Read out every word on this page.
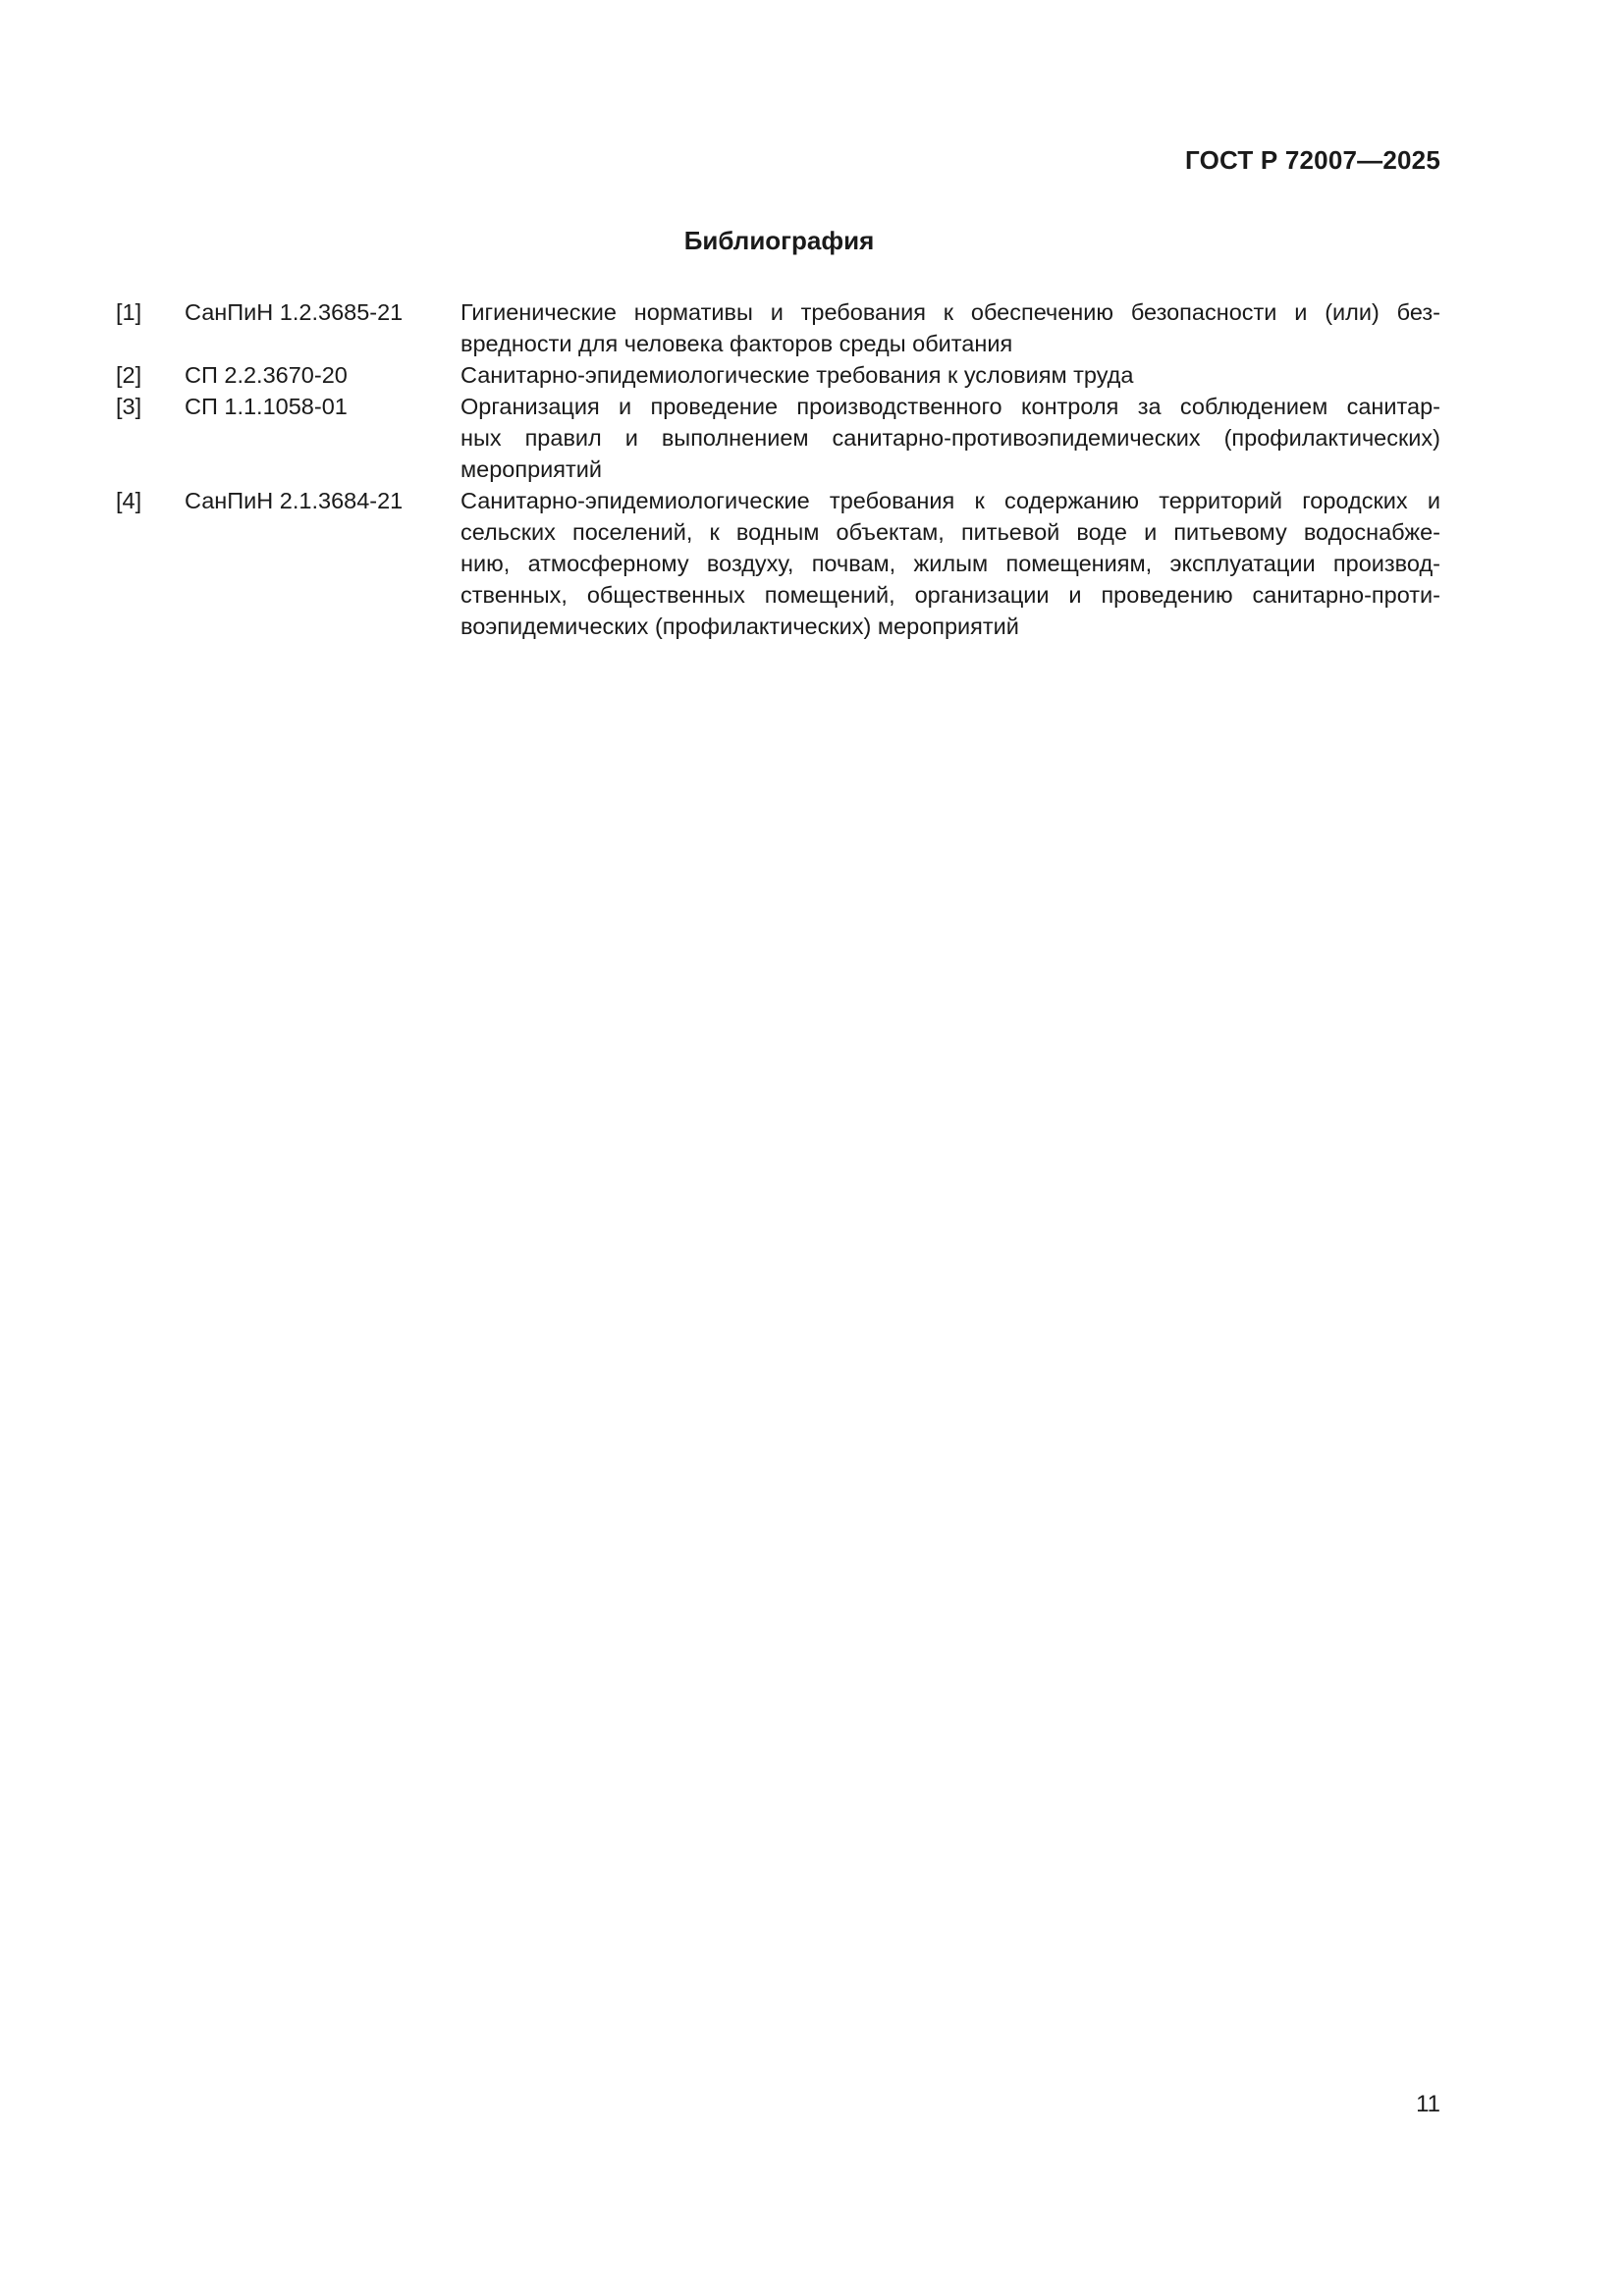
ГОСТ Р 72007—2025
Библиография
[1]	СанПиН 1.2.3685-21	Гигиенические нормативы и требования к обеспечению безопасности и (или) без-
вредности для человека факторов среды обитания
[2]	СП 2.2.3670-20	Санитарно-эпидемиологические требования к условиям труда
[3]	СП 1.1.1058-01	Организация и проведение производственного контроля за соблюдением санитар-
ных правил и выполнением санитарно-противоэпидемических (профилактических)
мероприятий
[4]	СанПиН 2.1.3684-21	Санитарно-эпидемиологические требования к содержанию территорий городских и
сельских поселений, к водным объектам, питьевой воде и питьевому водоснабже-
нию, атмосферному воздуху, почвам, жилым помещениям, эксплуатации производ-
ственных, общественных помещений, организации и проведению санитарно-проти-
воэпидемических (профилактических) мероприятий
11
